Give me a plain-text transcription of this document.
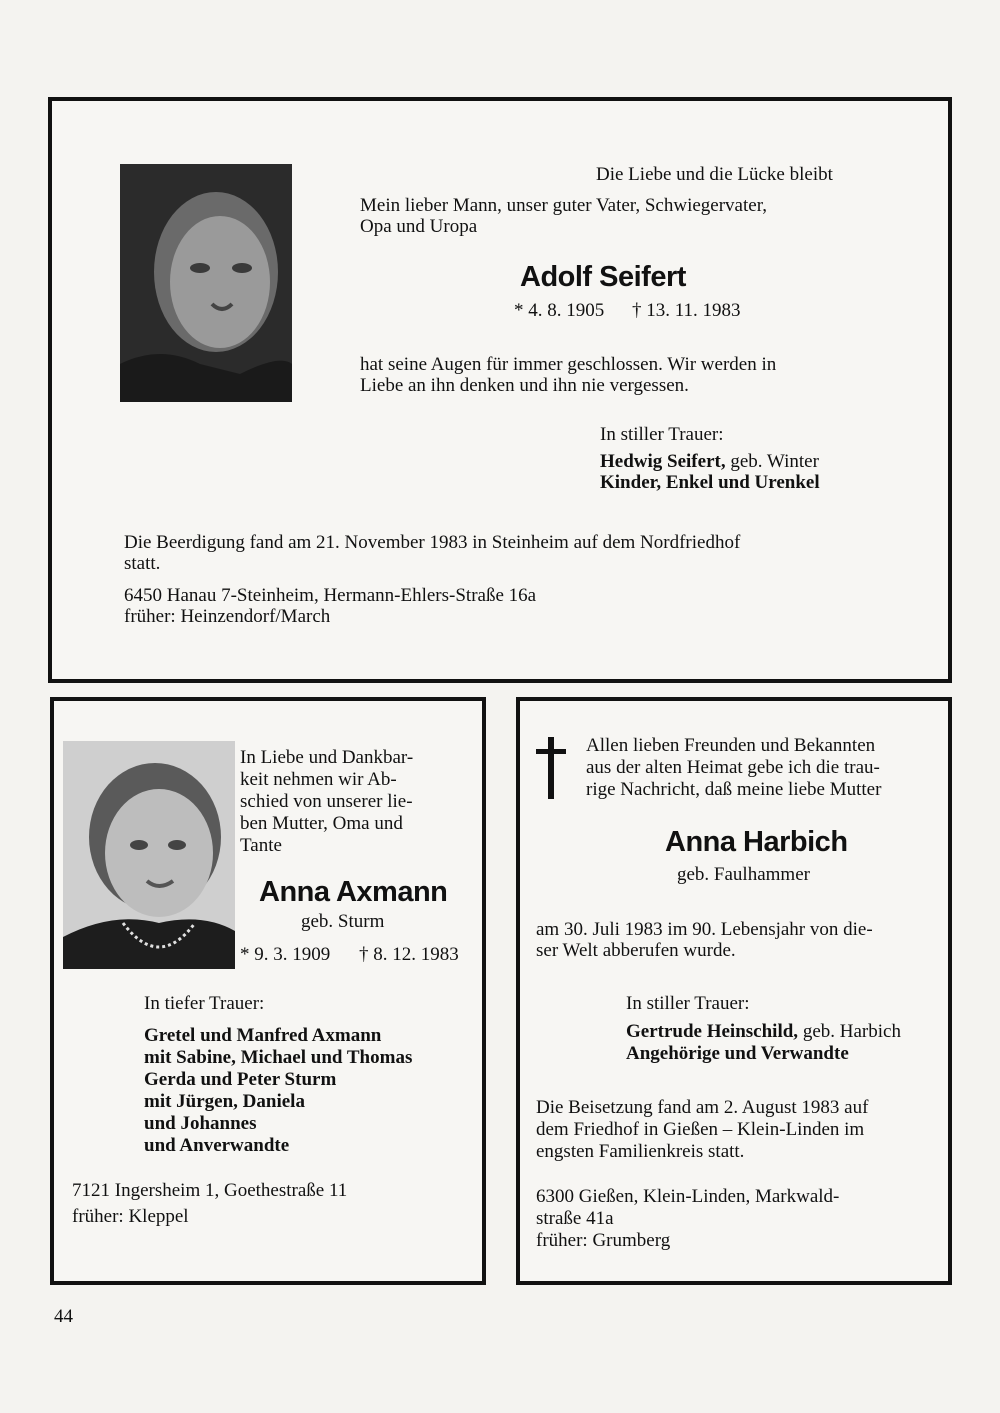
Die Liebe und die Lücke bleibt

Mein lieber Mann, unser guter Vater, Schwiegervater,

Opa und Uropa

Adolf Seifert

* 4. 8. 1905 † 13. 11. 1983

hat seine Augen für immer geschlossen. Wir werden in

Liebe an ihn denken und ihn nie vergessen.

In stiller Trauer:

Hedwig Seifert, geb. Winter

Kinder, Enkel und Urenkel

Die Beerdigung fand am 21. November 1983 in Steinheim auf dem Nordfriedhof

statt.

6450 Hanau 7-Steinheim, Hermann-Ehlers-Straße 16a

früher: Heinzendorf/March

In Liebe und Dankbar-

keit nehmen wir Ab-

schied von unserer lie-

ben Mutter, Oma und

Tante

Anna Axmann

geb. Sturm

* 9. 3. 1909 † 8. 12. 1983

In tiefer Trauer:

Gretel und Manfred Axmann

mit Sabine, Michael und Thomas

Gerda und Peter Sturm

mit Jürgen, Daniela

und Johannes

und Anverwandte

7121 Ingersheim 1, Goethestraße 11

früher: Kleppel

Allen lieben Freunden und Bekannten

aus der alten Heimat gebe ich die trau-

rige Nachricht, daß meine liebe Mutter

Anna Harbich

geb. Faulhammer

am 30. Juli 1983 im 90. Lebensjahr von die-

ser Welt abberufen wurde.

In stiller Trauer:

Gertrude Heinschild, geb. Harbich

Angehörige und Verwandte

Die Beisetzung fand am 2. August 1983 auf

dem Friedhof in Gießen – Klein-Linden im

engsten Familienkreis statt.

6300 Gießen, Klein-Linden, Markwald-

straße 41a

früher: Grumberg

44
